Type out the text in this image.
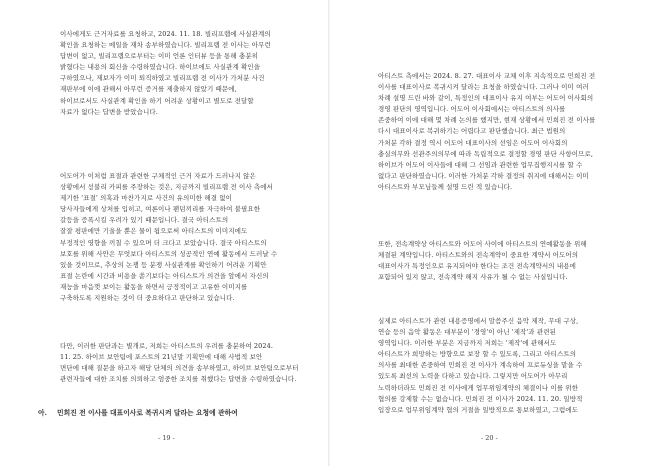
이사에게도 근거자료를 요청하고, 2024. 11. 18. 빌리프랩에 사실관계의
확인을 요청하는 메일을 재차 송부하였습니다. 빌리프랩 전 이사는 아무런
답변이 없고, 빌리프랩으로부터는 이미 언론 인터뷰 등을 통해 충분히
밝혔다는 내용의 회신을 수령하였습니다. 하이브에도 사실관계 확인을
구하였으나, 제보자가 이미 퇴직하였고 빌리프랩 전 이사가 가처분 사건
재판부에 이에 관해서 아무런 증거를 제출하지 않았기 때문에,
하이브로서도 사실관계 확인을 하기 어려운 상황이고 별도로 전달할
자료가 없다는 답변을 받았습니다.
어도어가 이처럼 표절과 관련한 구체적인 근거 자료가 드러나지 않은
상황에서 섣불리 카피를 주장하는 것은, 지금까지 빌리프랩 전 이사 측에서
제기한 '표절' 의혹과 마찬가지로 사건의 유의미한 해결 없이
당사자들에게 상처를 입히고, 여론이나 팬덤끼리를 자극하여 불필요한
갈등을 증폭시킬 우려가 있기 때문입니다. 결국 아티스트의
잘잘 평판에만 기울을 뿐은 물이 됩으로써 아티스트의 이미지에도
부정적인 영향을 끼칠 수 있으며 더 크다고 보았습니다. 결국 아티스트의
보호를 위해 사안은 무엇보다 아티스트의 성공적인 연예 활동에서 드러날 수
있을 것이므로, 추상의 논쟁 등 분쟁 사실관계를 확인하기 어려운 기획안
표절 논란에 시간과 비용을 쏟기보다는 아티스트가 의견을 앞에서 자신의
재능을 마음껏 보이는 활동을 하면서 긍정적이고 고유한 이미지를
구축하도록 지원하는 것이 더 중요하다고 판단하고 있습니다.
다만, 이러한 판단과는 별개로, 저희는 아티스트의 우려를 충분하여 2024.
11. 25. 하이브 보안팀에 포스트의 21년말 기획안에 대해 사법적 보안
면단에 대해 질문을 하고자 해당 단체의 의견을 송부하였고, 하이브 보안팀으로부터
관련자들에 대한 조치를 의뢰하고 엄중한 조치를 취했다는 답변을 수령하였습니다.
아. 민희진 전 이사를 대표이사로 복귀시켜 달라는 요청에 관하여
- 19 -
아티스트 측에서는 2024. 8. 27. 대표이사 교체 이후 지속적으로 민희진 전
이사를 대표이사로 복귀시켜 달라는 요청을 하였습니다. 그러나 이미 여러
차례 설명 드린 바와 같이, 특정인의 대표이사 유지 여부는 어도어 이사회의
경영 판단의 영역입니다. 어도어 이사회에서는 아티스트의 의사를
존중하여 이에 대해 몇 차례 논의를 했지만, 현재 상황에서 민희진 전 이사를
다시 대표이사로 복귀하기는 어렵다고 판단했습니다. 최근 법원의
가처분 각하 결정 역시 어도어 대표이사의 선임은 어도어 이사회의
충실의무와 선관주의의무에 따라 독립적으로 결정할 경영 판단 사항이므로,
하이브가 어도어 이사들에 대해 그 선임과 관련한 업무집행지시를 할 수
없다고 판단하였습니다. 이러한 가처분 각하 결정의 취지에 대해서는 이미
아티스트와 부모님들께 설명 드린 적 있습니다.
또한, 전속계약상 아티스트와 어도어 사이에 아티스트의 연예활동을 위해
체결된 계약입니다. 아티스트와의 전속계약이 중요한 계약서 어도어의
대표이사가 특정인으로 유지되어야 한다는 조건 전속계약서의 내용에
포함되어 있지 않고, 전속계약 해지 사유가 될 수 없는 사실입니다.
실제로 아티스트가 관련 내용증명에서 말씀주신 음악 제작, 무대 구상,
연습 등의 음악 활동은 대부분이 '경영'이 아닌 '제작'과 관련된
영역입니다. 이러한 부분은 지금까지 저희는 '제작'에 관해서도
아티스트가 희망하는 방향으로 보장 할 수 있도록, 그리고 아티스트의
의사를 최대한 존중하여 민희진 전 이사가 계속하여 프로듀싱을 맡을 수
있도록 최선의 노력을 다하고 있습니다. 그렇지만 어도어가 아무리
노력하더라도 민희진 전 이사에게 업무위임계약의 체결이나 이를 위한
협의를 강제할 수는 없습니다. 민희진 전 이사가 2024. 11. 20. 일방적
입장으로 업무위임계약 협의 거절을 일방적으로 통보하였고, 그럼에도
- 20 -
